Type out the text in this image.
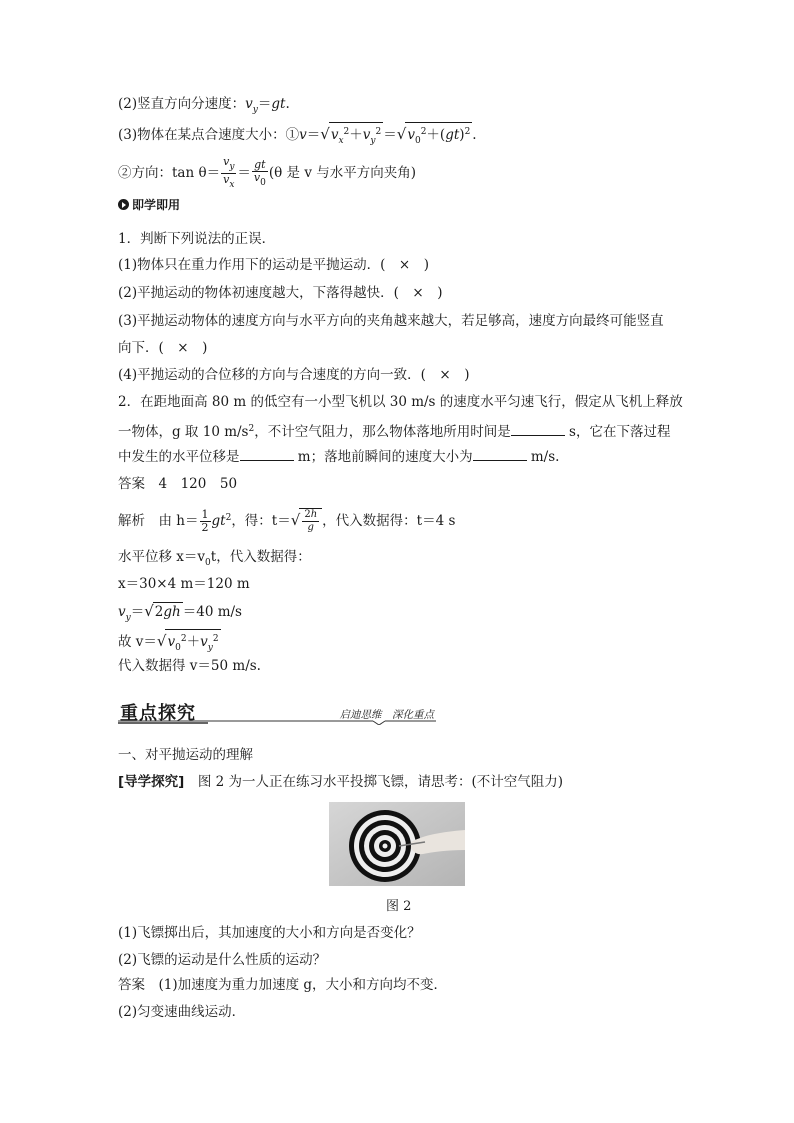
(2)竖直方向分速度：$v_y=gt$.
(3)物体在某点合速度大小：$①v=√v_x^2+v_y^2 =√v_0^2+(gt)^2$ .
②方向：$\tan \theta= \frac{v_y}{v_x} = \frac{gt}{v_0} (\theta$ 是 v 与水平方向夹角)
即学即用
1．判断下列说法的正误．
(1)物体只在重力作用下的运动是平抛运动．(　×　)
(2)平抛运动的物体初速度越大，下落得越快．(　×　)
(3)平抛运动物体的速度方向与水平方向的夹角越来越大，若足够高，速度方向最终可能竖直
向下．(　×　)
(4)平抛运动的合位移的方向与合速度的方向一致．(　×　)
2．在距地面高 80 m 的低空有一小型飞机以 30 m/s 的速度水平匀速飞行，假定从飞机上释放
一物体，g 取 10 $m/s^2$，不计空气阻力，那么物体落地所用时间是	s，它在下落过程
中发生的水平位移是	m；落地前瞬间的速度大小为	m/s.
答案　 4　120　50
解析　 由 $h= \frac{1}{2} gt^2$，得：$t=√ \frac{2h}{g}$ ，代入数据得：t＝4 s
水平位移 $x=v_0t$，代入数据得：
x＝30×4 m＝120 m
$v_y=√2gh =40$ m/s
故 $v=√v_0^2+v_y^2$
代入数据得 v＝50 m/s.
重点探究	启迪思维　深化重点
一、对平抛运动的理解
[导学探究]　 图 2 为一人正在练习水平投掷飞镖，请思考：(不计空气阻力)
图 2
(1)飞镖掷出后，其加速度的大小和方向是否变化？
(2)飞镖的运动是什么性质的运动？
答案　 (1)加速度为重力加速度 g，大小和方向均不变．
(2)匀变速曲线运动．
